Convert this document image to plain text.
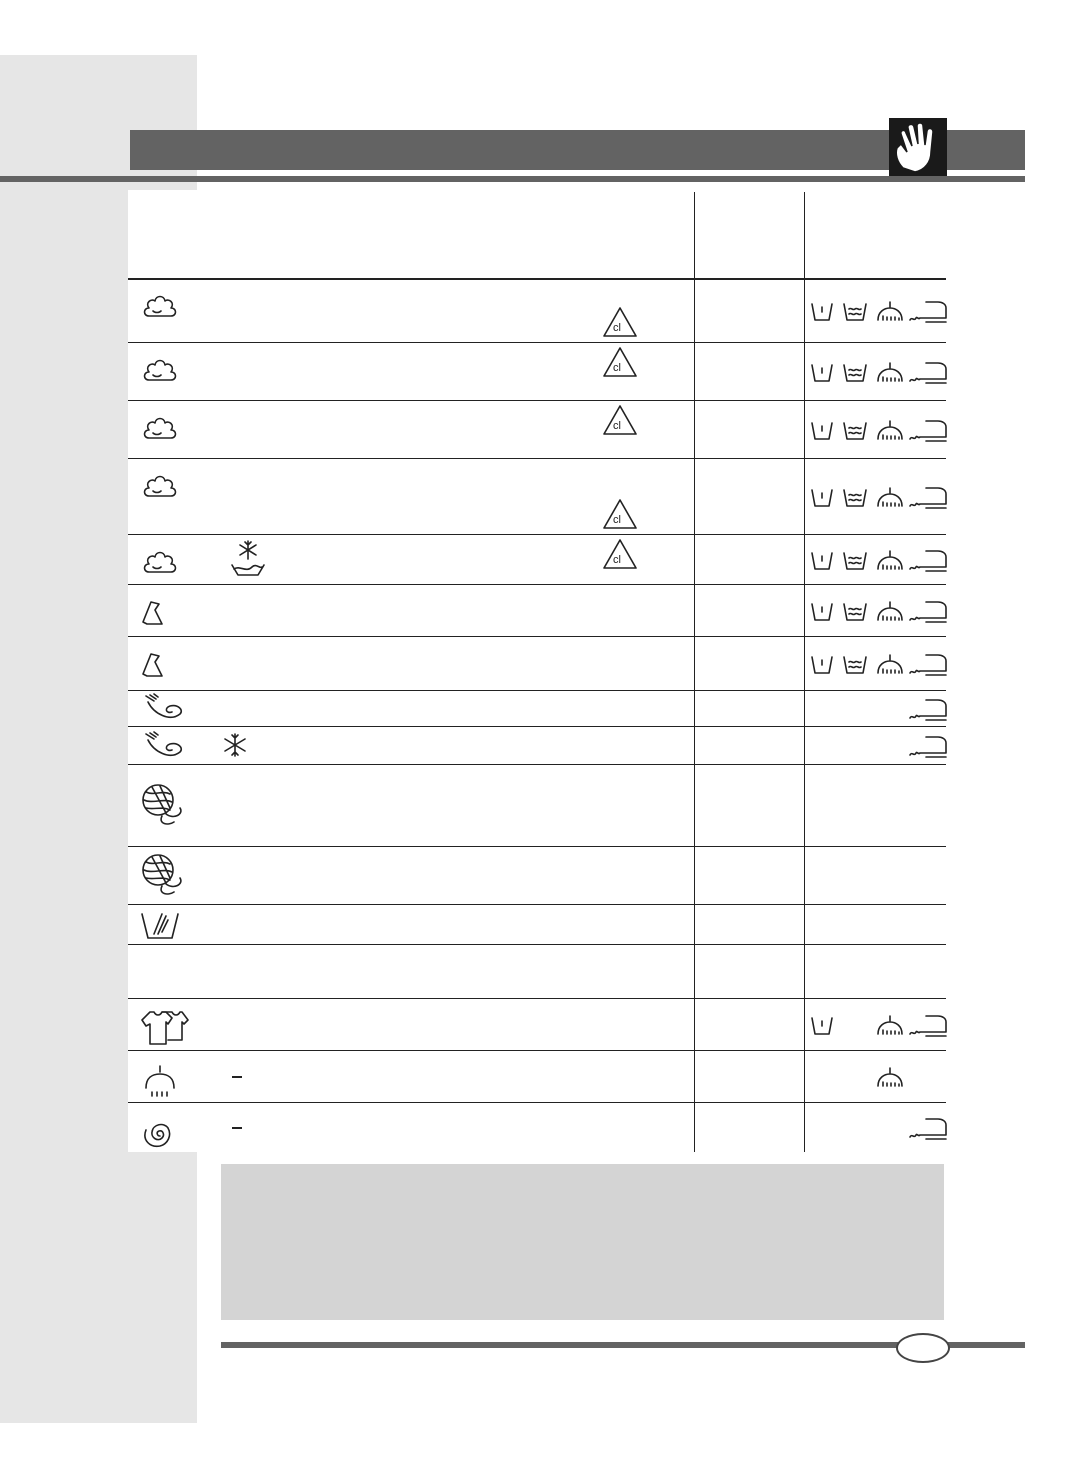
cl
cl
cl
cl
cl
